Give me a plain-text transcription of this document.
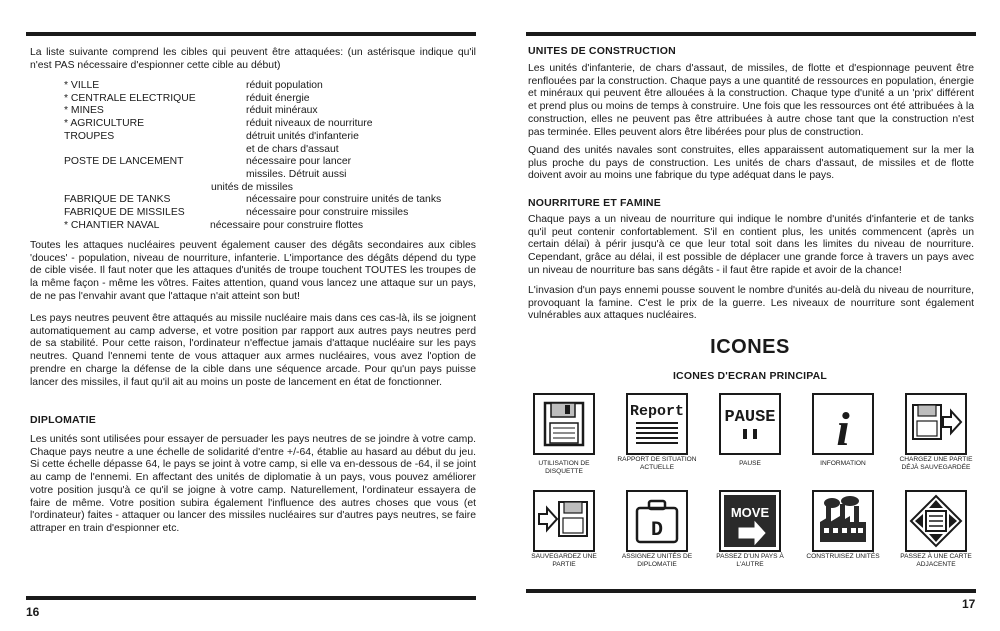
La liste suivante comprend les cibles qui peuvent être attaquées: (un astérisque indique qu'il n'est PAS nécessaire d'espionner cette cible au début)
* VILLE	réduit population
* CENTRALE ELECTRIQUE	réduit énergie
* MINES	réduit minéraux
* AGRICULTURE	réduit niveaux de nourriture
TROUPES	détruit unités d'infanterie
et de chars d'assaut
POSTE DE LANCEMENT	nécessaire pour lancer
missiles. Détruit aussi
unités de missiles
FABRIQUE DE TANKS	nécessaire pour construire unités de tanks
FABRIQUE DE MISSILES	nécessaire pour construire missiles
* CHANTIER NAVAL	nécessaire pour construire flottes
Toutes les attaques nucléaires peuvent également causer des dégâts secondaires aux cibles 'douces' - population, niveau de nourriture, infanterie. L'importance des dégâts dépend du type de cible visée. Il faut noter que les attaques d'unités de troupe touchent TOUTES les troupes de la même façon - même les vôtres. Faites attention, quand vous lancez une attaque sur un pays, de ne pas l'envahir avant que l'attaque n'ait atteint son but!
Les pays neutres peuvent être attaqués au missile nucléaire mais dans ces cas-là, ils se joignent automatiquement au camp adverse, et votre position par rapport aux autres pays neutres perd de sa stabilité. Pour cette raison, l'ordinateur n'effectue jamais d'attaque nucléaire sur les pays neutres. Quand l'ennemi tente de vous attaquer aux armes nucléaires, vous avez l'option de prendre en charge la défense de la cible dans une séquence arcade. Pour qu'un pays puisse lancer des missiles, il faut qu'il ait au moins un poste de lancement en état de fonctionner.
DIPLOMATIE
Les unités sont utilisées pour essayer de persuader les pays neutres de se joindre à votre camp. Chaque pays neutre a une échelle de solidarité d'entre +/-64, établie au hasard au début du jeu. Si cette échelle dépasse 64, le pays se joint à votre camp, si elle va en-dessous de -64, il se joint au camp de l'ennemi. En affectant des unités de diplomatie à un pays, vous pouvez améliorer votre position jusqu'à ce qu'il se joigne à votre camp. Naturellement, l'ordinateur essayera de faire de même. Votre position subira également l'influence des autres choses que vous (et l'ordinateur) faites - attaquer ou lancer des missiles nucléaires sur d'autres pays neutres, se faire attraper en train d'espionner etc.
16
UNITES DE CONSTRUCTION
Les unités d'infanterie, de chars d'assaut, de missiles, de flotte et d'espionnage peuvent être renflouées par la construction. Chaque pays a une quantité de ressources en population, énergie et minéraux qui peuvent être allouées à la construction. Chaque type d'unité a un 'prix' différent et prend plus ou moins de temps à construire. Une fois que les ressources ont été attribuées à la construction, elles ne peuvent pas être attribuées à autre chose tant que la construction n'est pas terminée. Elles peuvent alors être libérées pour plus de construction.
Quand des unités navales sont construites, elles apparaissent automatiquement sur la mer la plus proche du pays de construction. Les unités de chars d'assaut, de missiles et de flotte doivent avoir au moins une fabrique du type adéquat dans le pays.
NOURRITURE ET FAMINE
Chaque pays a un niveau de nourriture qui indique le nombre d'unités d'infanterie et de tanks qu'il peut contenir confortablement. S'il en contient plus, les unités commencent (après un certain délai) à périr jusqu'à ce que leur total soit dans les limites du niveau de nourriture. Cependant, grâce au délai, il est possible de déplacer une grande force à travers un pays avec un niveau de nourriture bas sans dégâts - il faut être rapide et avoir de la chance!
L'invasion d'un pays ennemi pousse souvent le nombre d'unités au-delà du niveau de nourriture, provoquant la famine. C'est le prix de la guerre. Les niveaux de nourriture sont également vulnérables aux attaques nucléaires.
ICONES
ICONES D'ECRAN PRINCIPAL
Report PAUSE i
UTILISATION DE DISQUETTE
RAPPORT DE SITUATION ACTUELLE
PAUSE	INFORMATION
CHARGEZ UNE PARTIE DÉJÀ SAUVEGARDÉE
D
MOVE
SAUVEGARDEZ UNE PARTIE
ASSIGNEZ UNITÉS DE DIPLOMATIE
PASSEZ D'UN PAYS À L'AUTRE
CONSTRUISEZ UNITÉS	PASSEZ À UNE CARTE ADJACENTE
17
